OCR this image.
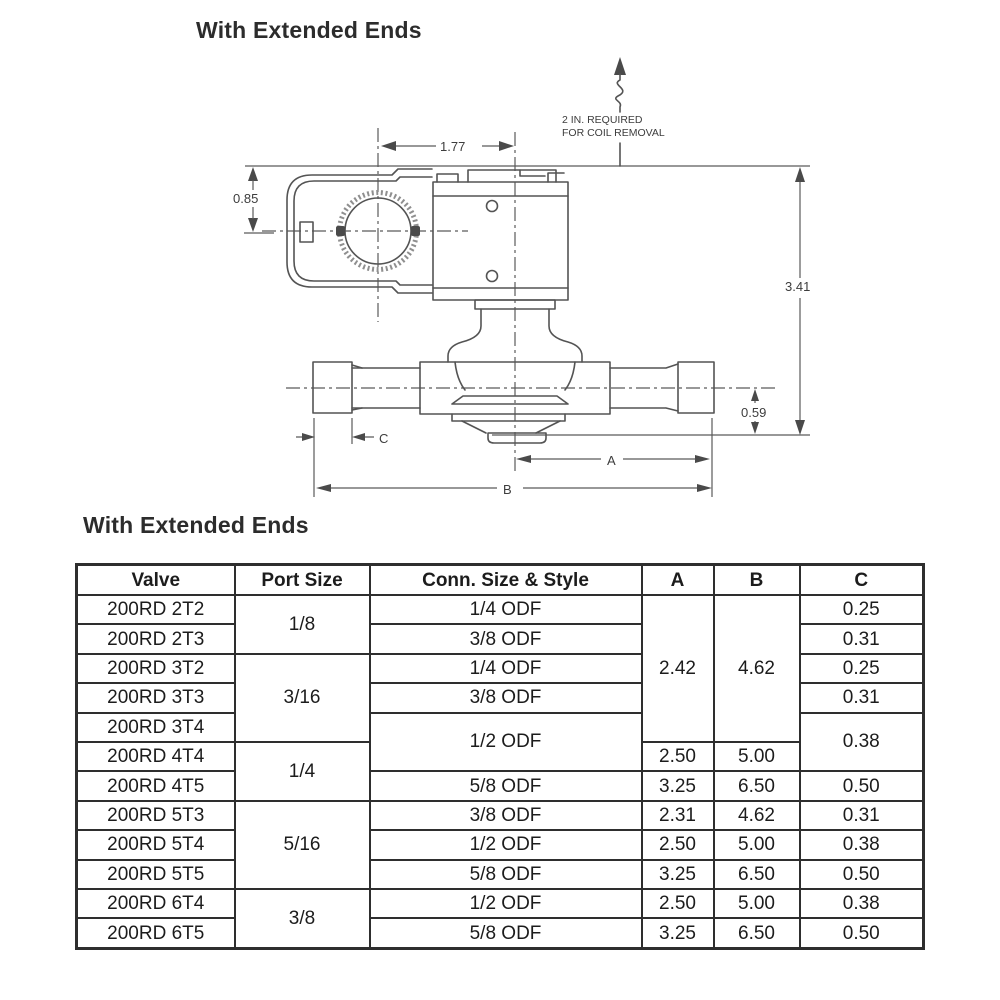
With Extended Ends
2 IN. REQUIRED
FOR COIL REMOVAL
1.77
0.85
C
A
B
0.59
3.41
With Extended Ends
Valve	Port Size	Conn. Size & Style	A	B	C
200RD 2T2	1/8	1/4 ODF	2.42	4.62	0.25
200RD 2T3		3/8 ODF			0.31
200RD 3T2	3/16	1/4 ODF			0.25
200RD 3T3		3/8 ODF			0.31
200RD 3T4		1/2 ODF			0.38
200RD 4T4	1/4		2.50	5.00	
200RD 4T5		5/8 ODF	3.25	6.50	0.50
200RD 5T3	5/16	3/8 ODF	2.31	4.62	0.31
200RD 5T4		1/2 ODF	2.50	5.00	0.38
200RD 5T5		5/8 ODF	3.25	6.50	0.50
200RD 6T4	3/8	1/2 ODF	2.50	5.00	0.38
200RD 6T5		5/8 ODF	3.25	6.50	0.50
